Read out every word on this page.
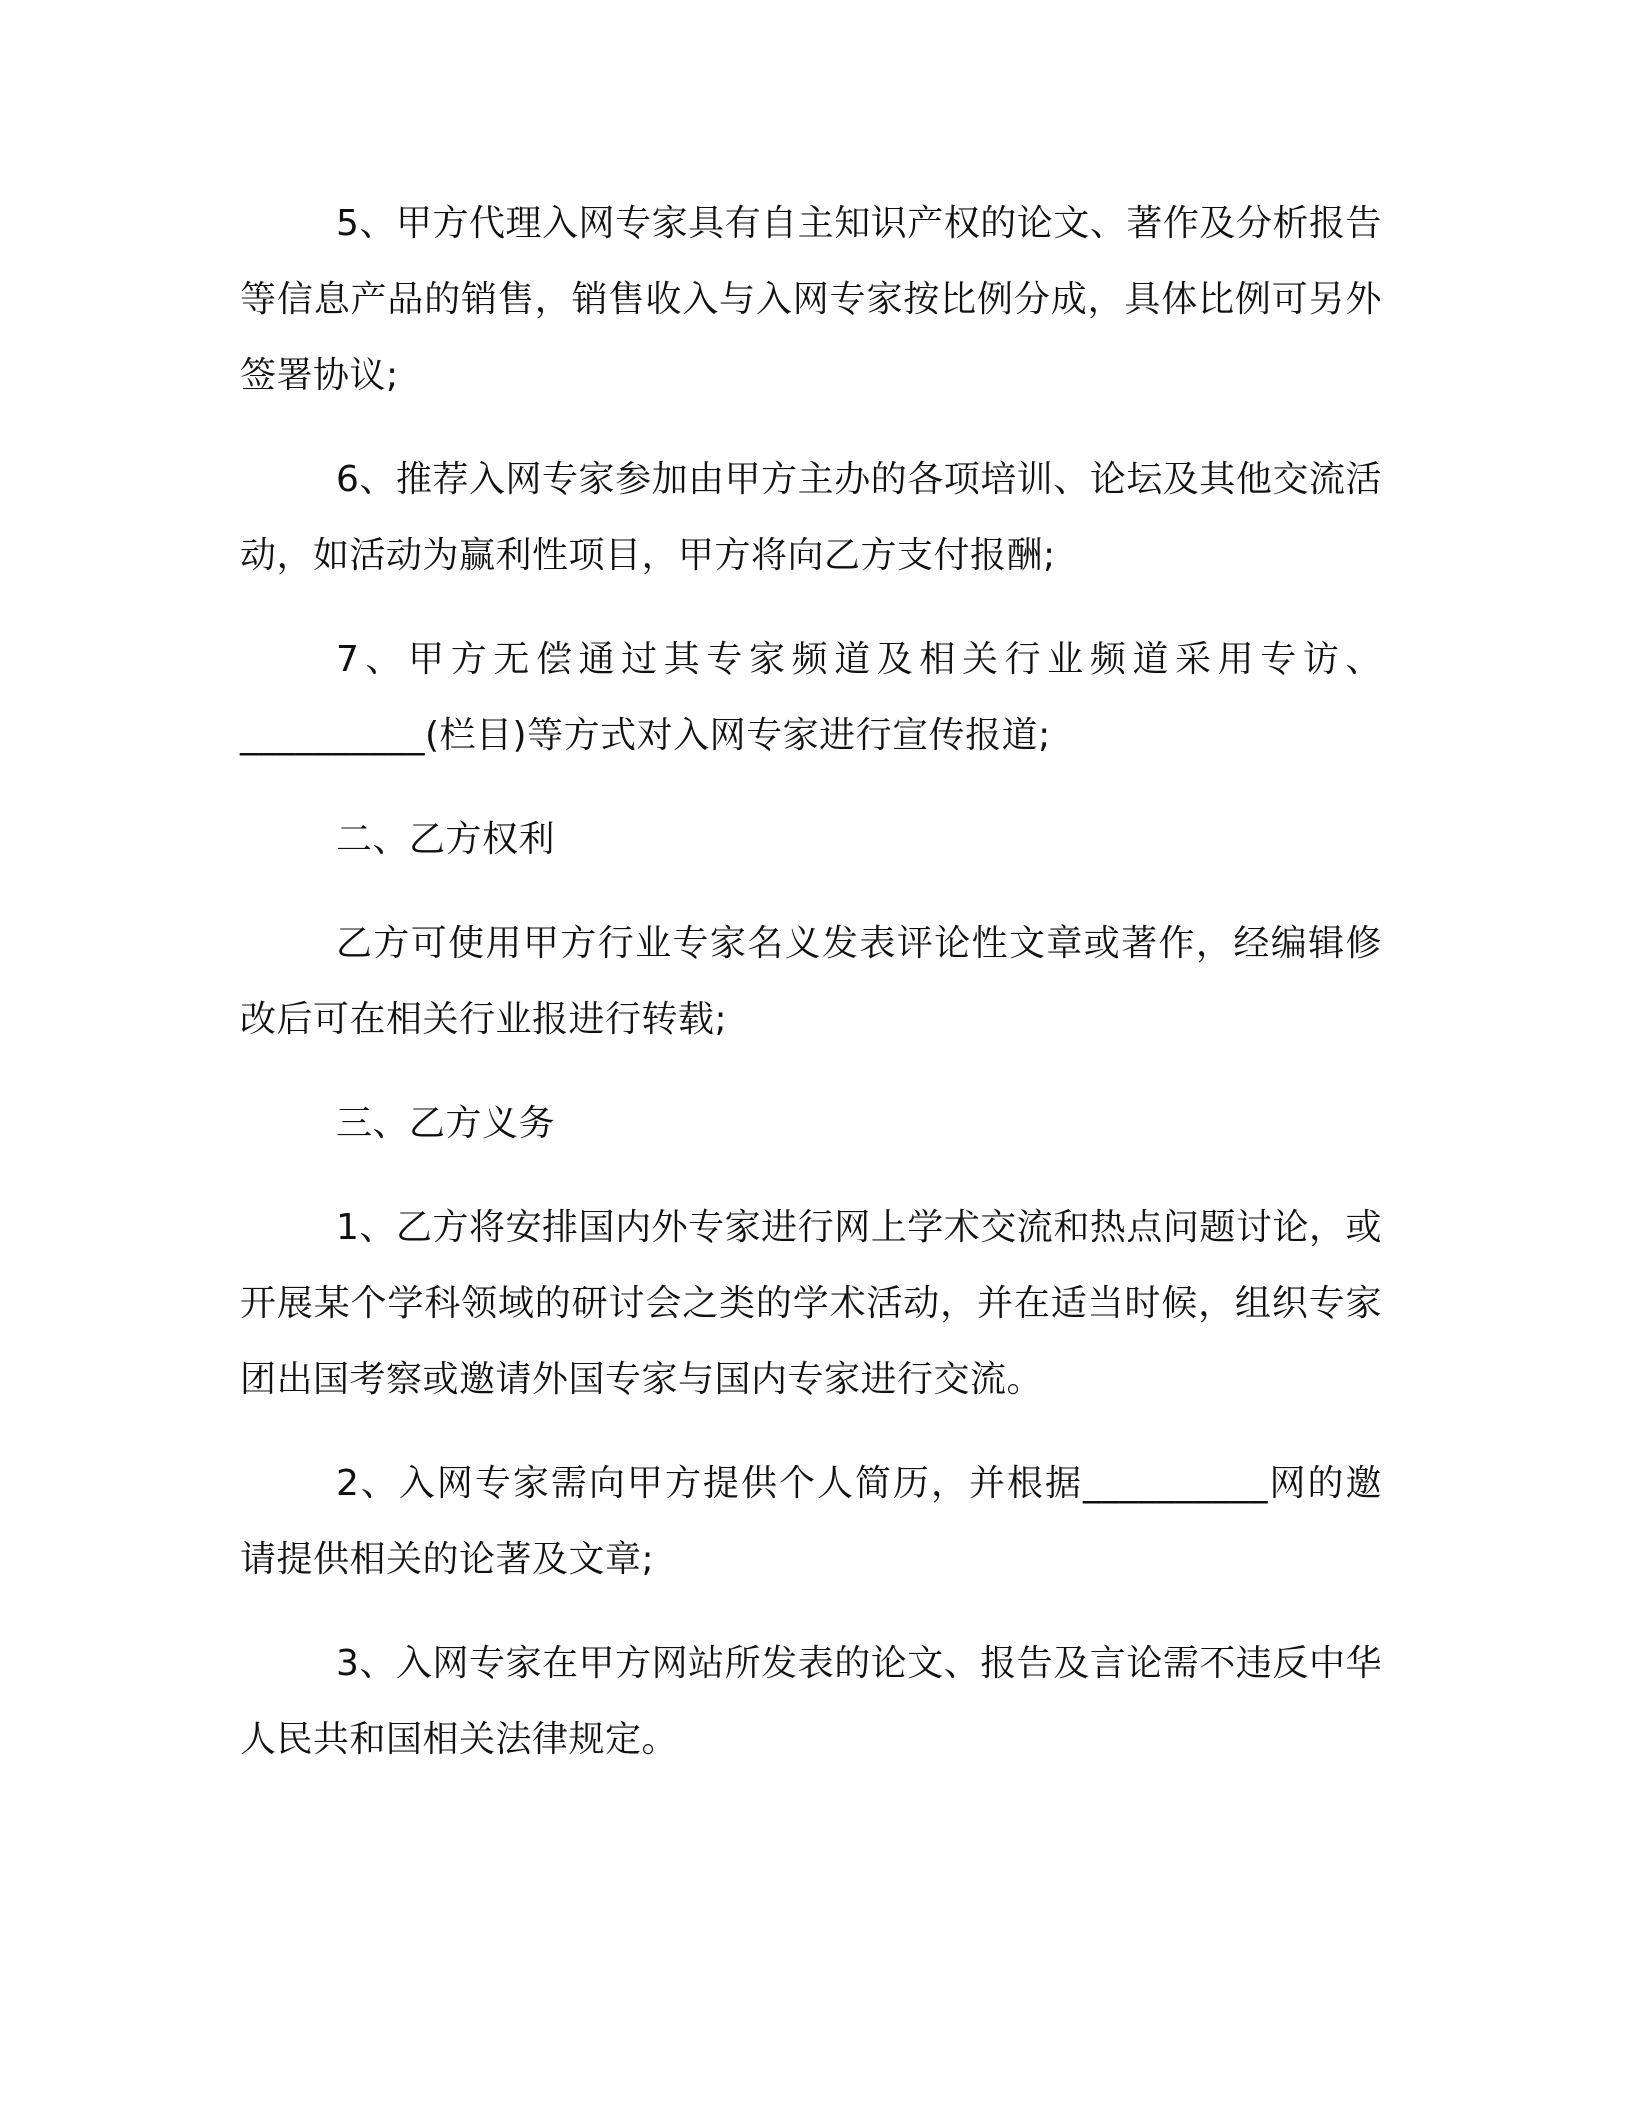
5、甲方代理入网专家具有自主知识产权的论文、著作及分析报告等信息产品的销售，销售收入与入网专家按比例分成，具体比例可另外签署协议;

6、推荐入网专家参加由甲方主办的各项培训、论坛及其他交流活动，如活动为赢利性项目，甲方将向乙方支付报酬;

7、甲方无偿通过其专家频道及相关行业频道采用专访、__________(栏目)等方式对入网专家进行宣传报道;

二、乙方权利

乙方可使用甲方行业专家名义发表评论性文章或著作，经编辑修改后可在相关行业报进行转载;

三、乙方义务

1、乙方将安排国内外专家进行网上学术交流和热点问题讨论，或开展某个学科领域的研讨会之类的学术活动，并在适当时候，组织专家团出国考察或邀请外国专家与国内专家进行交流。

2、入网专家需向甲方提供个人简历，并根据__________网的邀请提供相关的论著及文章;

3、入网专家在甲方网站所发表的论文、报告及言论需不违反中华人民共和国相关法律规定。
